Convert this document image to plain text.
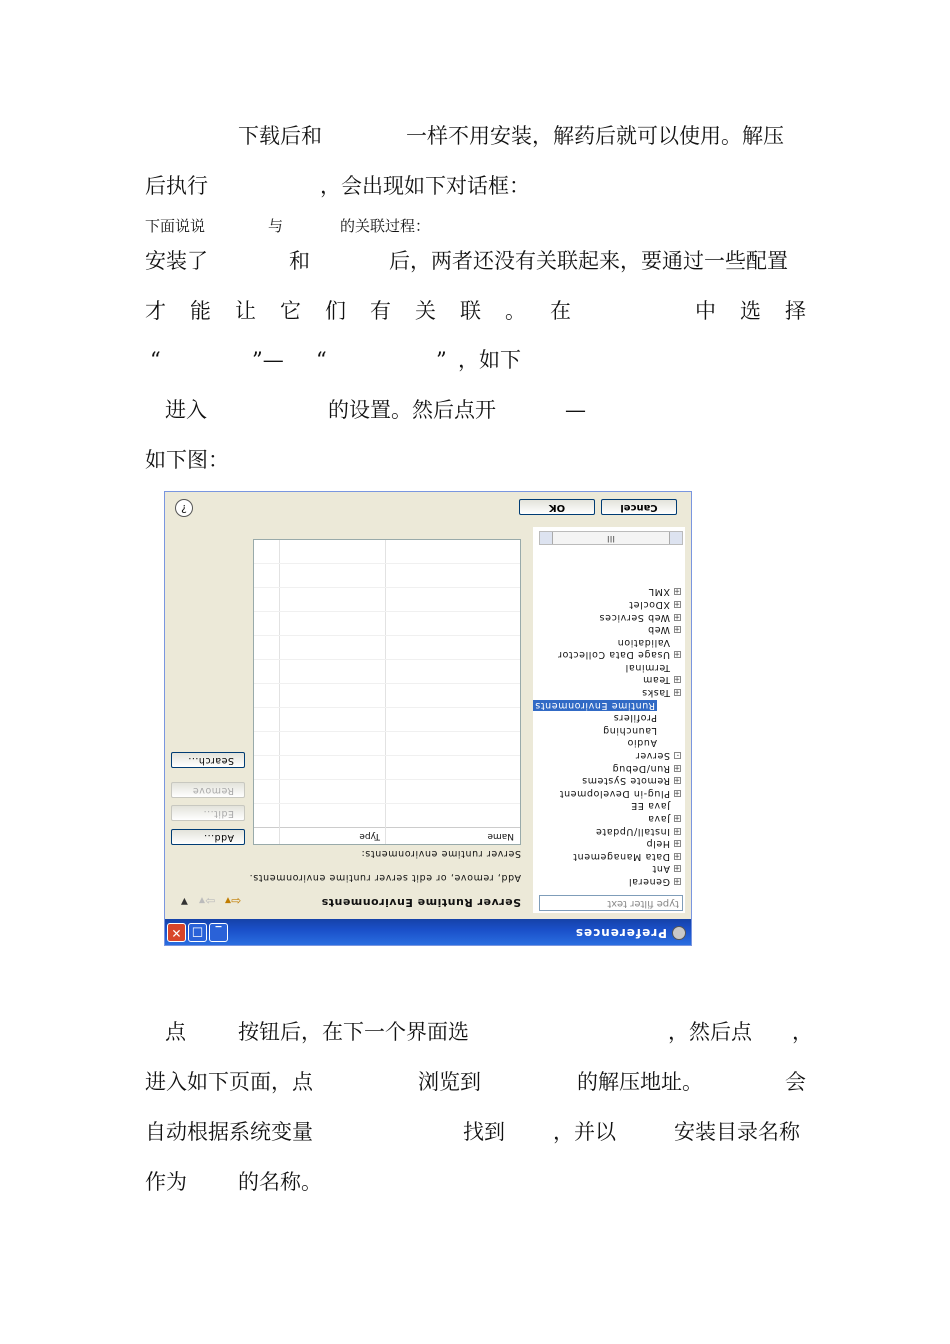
下载后和	一样不用安装，解药后就可以使用。解压
后执行	，会出现如下对话框：
下面说说	与	的关联过程：
安装了	和	后，两者还没有关联起来，要通过一些配置
才 能 让 它 们 有 关 联 。 在	中 选 择
“	”— “	” ，如下
进入	的设置。然后点开	—
如下图：
Preferences
_
□
✕
type filter text
+General
+Ant
+Data Management
+Help
+Install/Update
+Java
Java EE
+Plug-in Development
+Remote Systems
+Run/Debug
-Server
Audio
Launching
Profilers
Runtime Environments
+Tasks
+Team
Terminal
+Usage Data Collector
Validation
+Web
+Web Services
+XDoclet
+XML
III
Server Runtime Environments
⇦▾
⇨▾
▼
Add, remove, or edit server runtime environments.
Server runtime environments:
Name
Type
Add...
Edit...
Remove
Search...
?	Cancel
OK
点 按钮后，在下一个界面选	，然后点 ，
进入如下页面，点	浏览到	的解压地址。	会
自动根据系统变量	找到 ，并以	安装目录名称
作为 的名称。
